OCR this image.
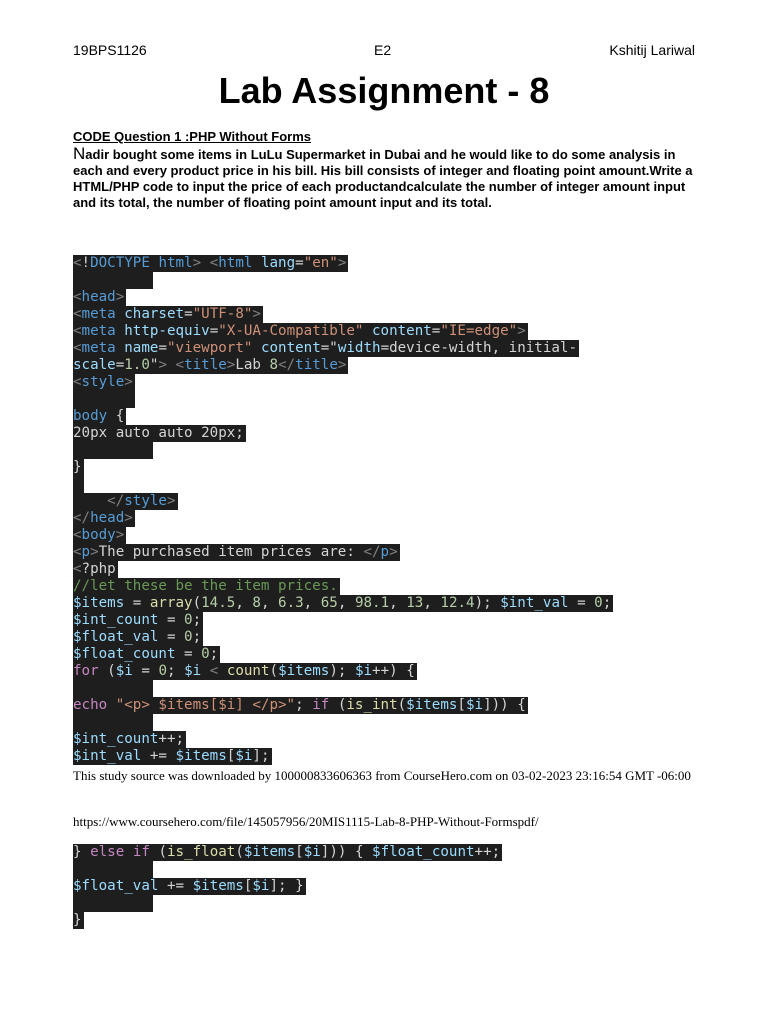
19BPS1126	E2	Kshitij Lariwal
Lab Assignment - 8
CODE Question 1 :PHP Without Forms
Nadir bought some items in LuLu Supermarket in Dubai and he would like to do some analysis in each and every product price in his bill. His bill consists of integer and floating point amount.Write a HTML/PHP code to input the price of each productandcalculate the number of integer amount input and its total, the number of floating point amount input and its total.
<!DOCTYPE html> <html lang="en">
<head>
<meta charset="UTF-8">
<meta http-equiv="X-UA-Compatible" content="IE=edge">
<meta name="viewport" content="width=device-width, initial-
scale=1.0"> <title>Lab 8</title>
<style>
body {
20px auto auto 20px;
}
</style>
</head>
<body>
<p>The purchased item prices are: </p>
<?php
//let these be the item prices.
$items = array(14.5, 8, 6.3, 65, 98.1, 13, 12.4); $int_val = 0;
$int_count = 0;
$float_val = 0;
$float_count = 0;
for ($i = 0; $i < count($items); $i++) {
echo "<p> $items[$i] </p>"; if (is_int($items[$i])) {
$int_count++;
$int_val += $items[$i];
This study source was downloaded by 100000833606363 from CourseHero.com on 03-02-2023 23:16:54 GMT -06:00
https://www.coursehero.com/file/145057956/20MIS1115-Lab-8-PHP-Without-Formspdf/
} else if (is_float($items[$i])) { $float_count++;
$float_val += $items[$i]; }
}
